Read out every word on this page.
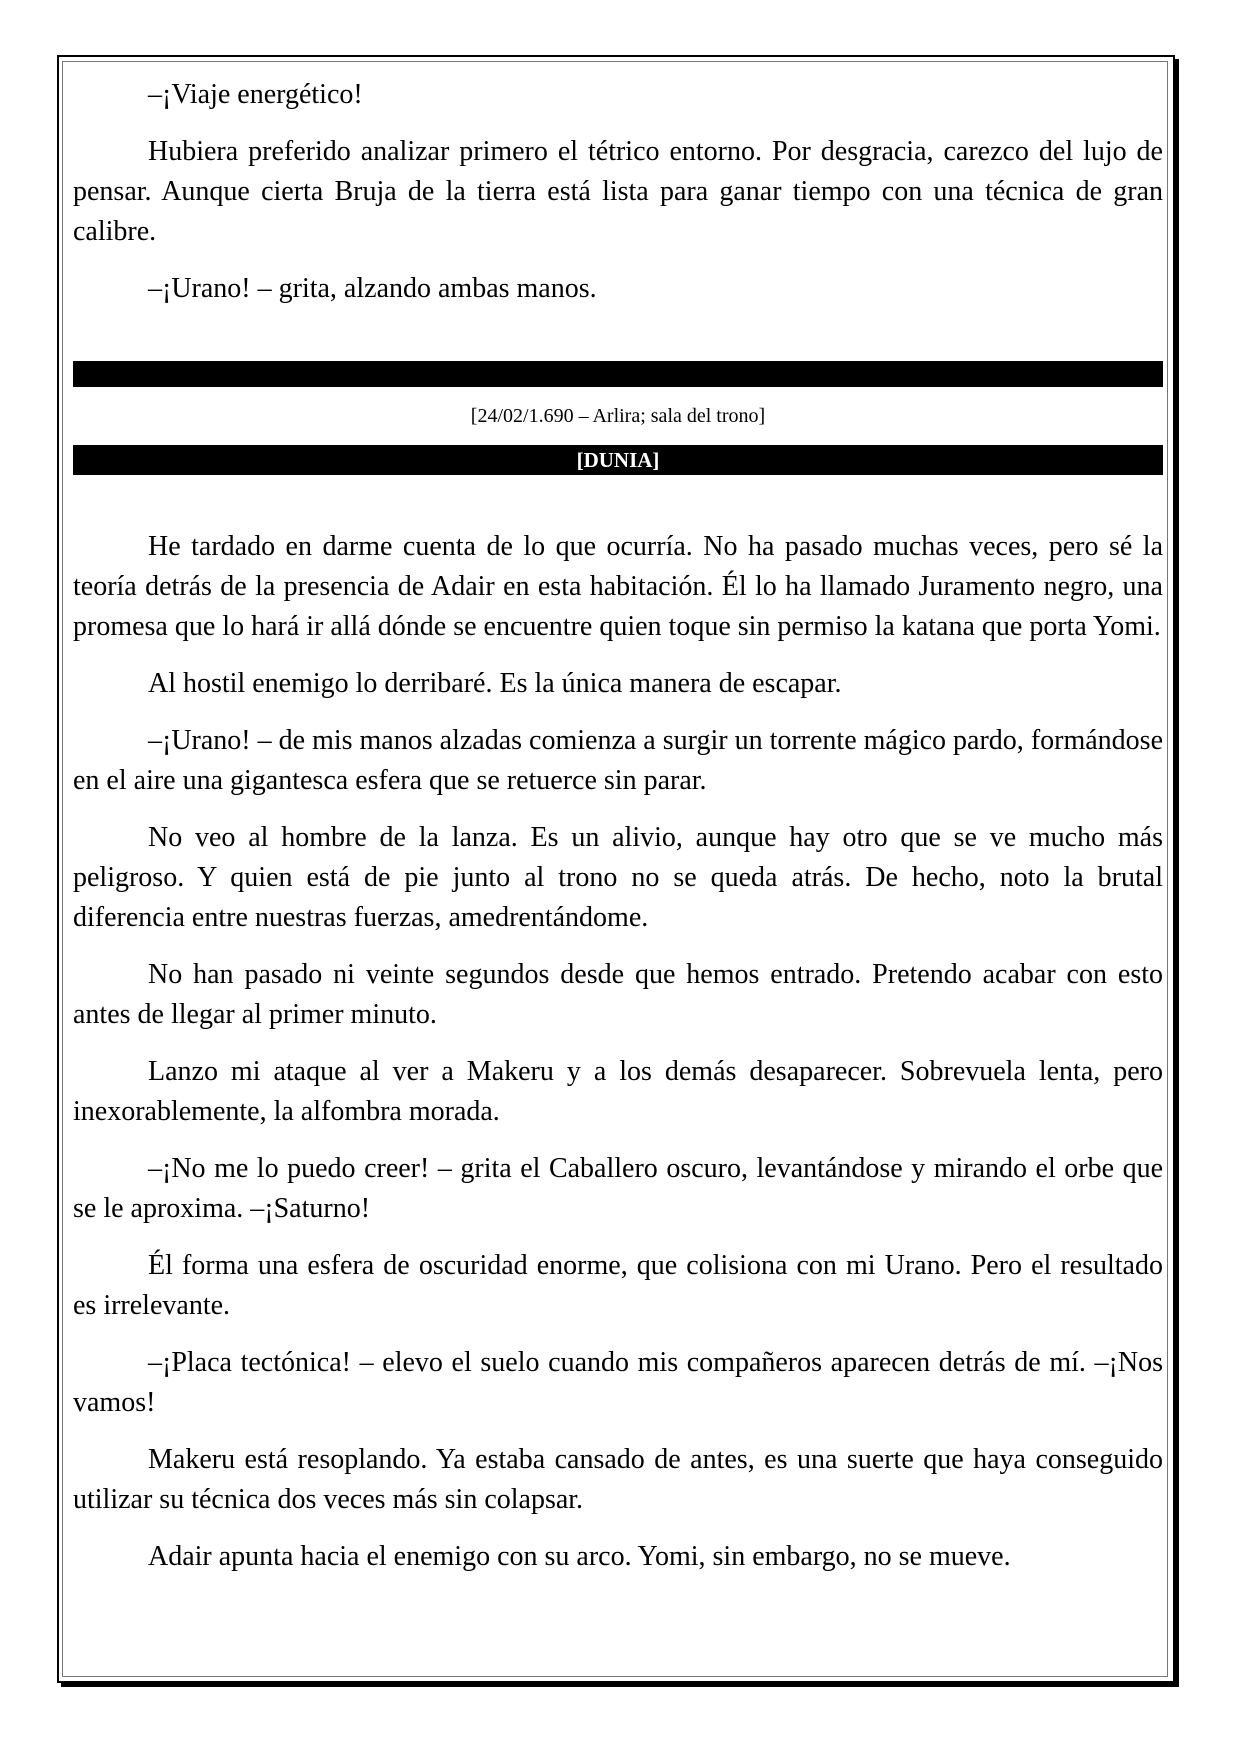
–¡Viaje energético!

Hubiera preferido analizar primero el tétrico entorno. Por desgracia, carezco del lujo de pensar. Aunque cierta Bruja de la tierra está lista para ganar tiempo con una técnica de gran calibre.

–¡Urano! – grita, alzando ambas manos.

[24/02/1.690 – Arlira; sala del trono]
[DUNIA]

He tardado en darme cuenta de lo que ocurría. No ha pasado muchas veces, pero sé la teoría detrás de la presencia de Adair en esta habitación. Él lo ha llamado Juramento negro, una promesa que lo hará ir allá dónde se encuentre quien toque sin permiso la katana que porta Yomi.

Al hostil enemigo lo derribaré. Es la única manera de escapar.

–¡Urano! – de mis manos alzadas comienza a surgir un torrente mágico pardo, formándose en el aire una gigantesca esfera que se retuerce sin parar.

No veo al hombre de la lanza. Es un alivio, aunque hay otro que se ve mucho más peligroso. Y quien está de pie junto al trono no se queda atrás. De hecho, noto la brutal diferencia entre nuestras fuerzas, amedrentándome.

No han pasado ni veinte segundos desde que hemos entrado. Pretendo acabar con esto antes de llegar al primer minuto.

Lanzo mi ataque al ver a Makeru y a los demás desaparecer. Sobrevuela lenta, pero inexorablemente, la alfombra morada.

–¡No me lo puedo creer! – grita el Caballero oscuro, levantándose y mirando el orbe que se le aproxima. –¡Saturno!

Él forma una esfera de oscuridad enorme, que colisiona con mi Urano. Pero el resultado es irrelevante.

–¡Placa tectónica! – elevo el suelo cuando mis compañeros aparecen detrás de mí. –¡Nos vamos!

Makeru está resoplando. Ya estaba cansado de antes, es una suerte que haya conseguido utilizar su técnica dos veces más sin colapsar.

Adair apunta hacia el enemigo con su arco. Yomi, sin embargo, no se mueve.
